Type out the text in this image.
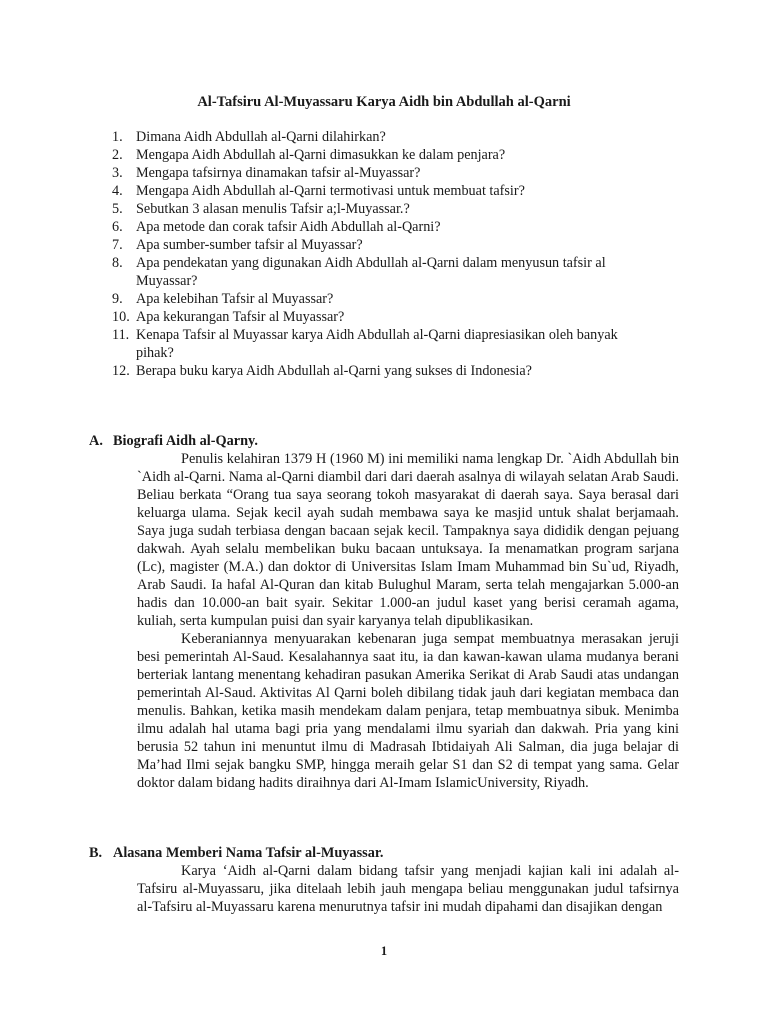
Al-Tafsiru Al-Muyassaru Karya Aidh bin Abdullah al-Qarni
1. Dimana Aidh Abdullah al-Qarni dilahirkan?
2. Mengapa Aidh Abdullah al-Qarni dimasukkan ke dalam penjara?
3. Mengapa tafsirnya dinamakan tafsir al-Muyassar?
4. Mengapa Aidh Abdullah al-Qarni termotivasi untuk membuat tafsir?
5. Sebutkan 3 alasan menulis Tafsir a;l-Muyassar.?
6. Apa metode dan corak tafsir Aidh Abdullah al-Qarni?
7. Apa sumber-sumber tafsir al Muyassar?
8. Apa pendekatan yang digunakan Aidh Abdullah al-Qarni dalam menyusun tafsir al Muyassar?
9. Apa kelebihan Tafsir al Muyassar?
10. Apa kekurangan Tafsir al Muyassar?
11. Kenapa Tafsir al Muyassar karya Aidh Abdullah al-Qarni diapresiasikan oleh banyak pihak?
12. Berapa buku karya Aidh Abdullah al-Qarni yang sukses di Indonesia?
A. Biografi Aidh al-Qarny.

Penulis kelahiran 1379 H (1960 M) ini memiliki nama lengkap Dr. `Aidh Abdullah bin `Aidh al-Qarni. Nama al-Qarni diambil dari dari daerah asalnya di wilayah selatan Arab Saudi. Beliau berkata “Orang tua saya seorang tokoh masyarakat di daerah saya. Saya berasal dari keluarga ulama. Sejak kecil ayah sudah membawa saya ke masjid untuk shalat berjamaah. Saya juga sudah terbiasa dengan bacaan sejak kecil. Tampaknya saya dididik dengan pejuang dakwah. Ayah selalu membelikan buku bacaan untuksaya. Ia menamatkan program sarjana (Lc), magister (M.A.) dan doktor di Universitas Islam Imam Muhammad bin Su`ud, Riyadh, Arab Saudi. Ia hafal Al-Quran dan kitab Bulughul Maram, serta telah mengajarkan 5.000-an hadis dan 10.000-an bait syair. Sekitar 1.000-an judul kaset yang berisi ceramah agama, kuliah, serta kumpulan puisi dan syair karyanya telah dipublikasikan.

Keberaniannya menyuarakan kebenaran juga sempat membuatnya merasakan jeruji besi pemerintah Al-Saud. Kesalahannya saat itu, ia dan kawan-kawan ulama mudanya berani berteriak lantang menentang kehadiran pasukan Amerika Serikat di Arab Saudi atas undangan pemerintah Al-Saud. Aktivitas Al Qarni boleh dibilang tidak jauh dari kegiatan membaca dan menulis. Bahkan, ketika masih mendekam dalam penjara, tetap membuatnya sibuk. Menimba ilmu adalah hal utama bagi pria yang mendalami ilmu syariah dan dakwah. Pria yang kini berusia 52 tahun ini menuntut ilmu di Madrasah Ibtidaiyah Ali Salman, dia juga belajar di Ma’had Ilmi sejak bangku SMP, hingga meraih gelar S1 dan S2 di tempat yang sama. Gelar doktor dalam bidang hadits diraihnya dari Al-Imam IslamicUniversity, Riyadh.

B. Alasana Memberi Nama Tafsir al-Muyassar.

Karya ‘Aidh al-Qarni dalam bidang tafsir yang menjadi kajian kali ini adalah al-Tafsiru al-Muyassaru, jika ditelaah lebih jauh mengapa beliau menggunakan judul tafsirnya al-Tafsiru al-Muyassaru karena menurutnya tafsir ini mudah dipahami dan disajikan dengan

1
